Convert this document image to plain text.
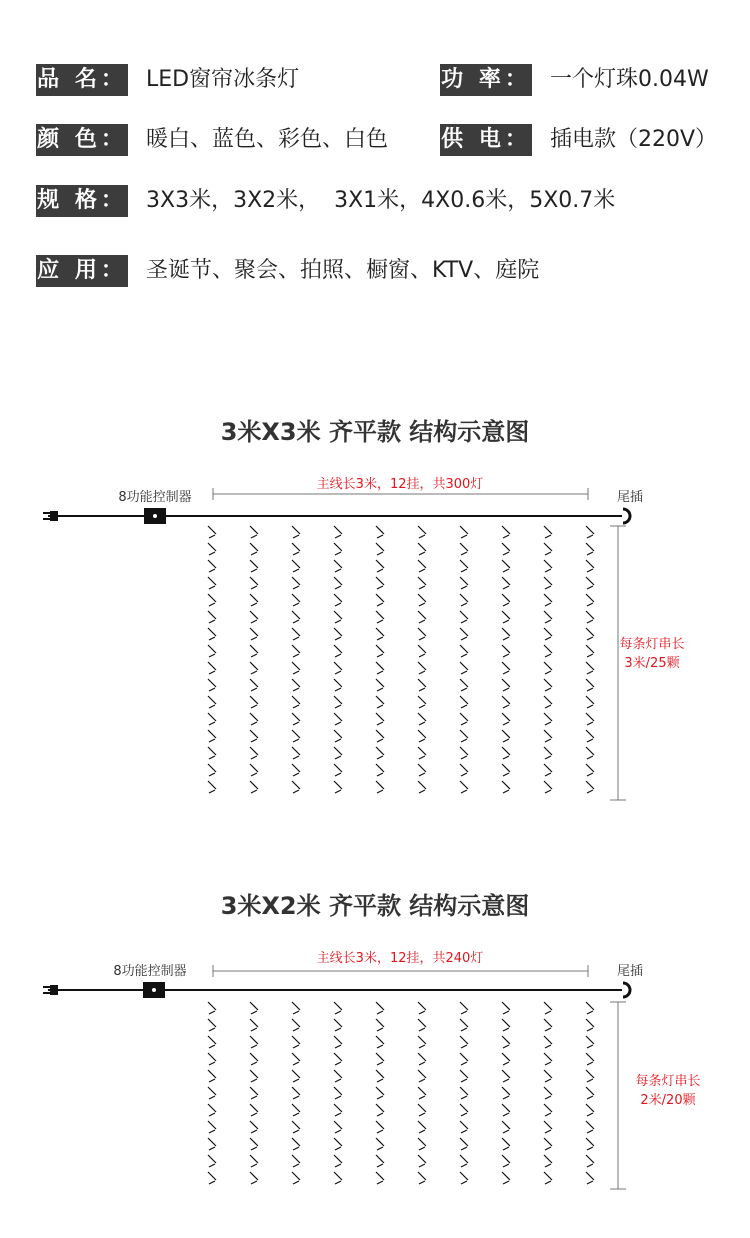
品 名： LED窗帘冰条灯	功 率： 一个灯珠0.04W
颜 色： 暖白、蓝色、彩色、白色 供 电： 插电款（220V）
规 格： 3X3米，3X2米，  3X1米，4X0.6米，5X0.7米
应 用： 圣诞节、聚会、拍照、橱窗、KTV、庭院
3米X3米 齐平款 结构示意图
8功能控制器
主线长3米，12挂，共300灯
尾插
每条灯串长
3米/25颗
3米X2米 齐平款 结构示意图
8功能控制器
主线长3米，12挂，共240灯
尾插
每条灯串长
2米/20颗
